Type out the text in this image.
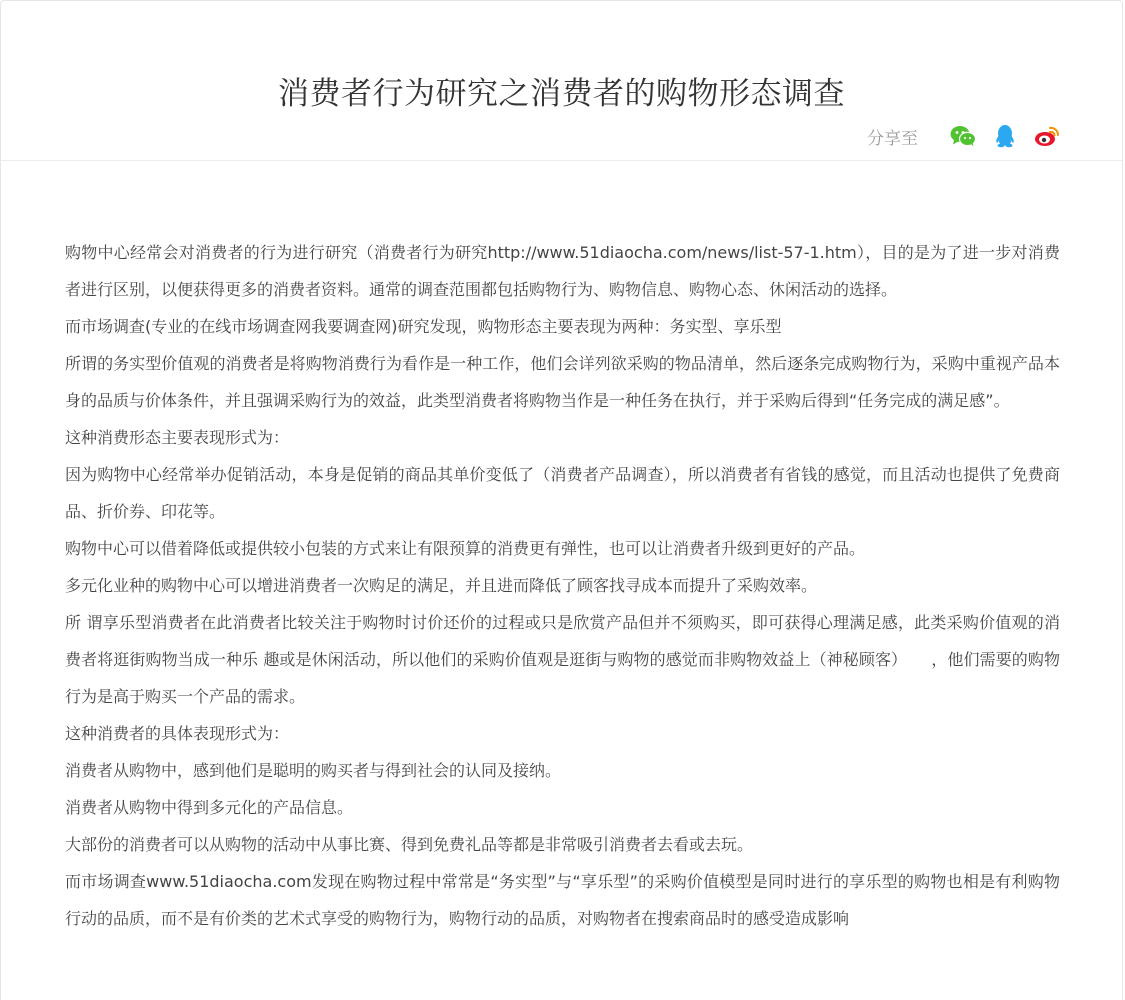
消费者行为研究之消费者的购物形态调查
分享至

购物中心经常会对消费者的行为进行研究（消费者行为研究http://www.51diaocha.com/news/list-57-1.htm），目的是为了进一步对消费者进行区别，以便获得更多的消费者资料。通常的调查范围都包括购物行为、购物信息、购物心态、休闲活动的选择。

而市场调查(专业的在线市场调查网我要调查网)研究发现，购物形态主要表现为两种：务实型、享乐型

所谓的务实型价值观的消费者是将购物消费行为看作是一种工作，他们会详列欲采购的物品清单，然后逐条完成购物行为，采购中重视产品本身的品质与价体条件，并且强调采购行为的效益，此类型消费者将购物当作是一种任务在执行，并于采购后得到“任务完成的满足感”。

这种消费形态主要表现形式为：

因为购物中心经常举办促销活动，本身是促销的商品其单价变低了（消费者产品调查），所以消费者有省钱的感觉，而且活动也提供了免费商品、折价券、印花等。

购物中心可以借着降低或提供较小包装的方式来让有限预算的消费更有弹性，也可以让消费者升级到更好的产品。

多元化业种的购物中心可以增进消费者一次购足的满足，并且进而降低了顾客找寻成本而提升了采购效率。

所 谓享乐型消费者在此消费者比较关注于购物时讨价还价的过程或只是欣赏产品但并不须购买，即可获得心理满足感，此类采购价值观的消费者将逛街购物当成一种乐 趣或是休闲活动，所以他们的采购价值观是逛街与购物的感觉而非购物效益上（神秘顾客）　　，他们需要的购物行为是高于购买一个产品的需求。

这种消费者的具体表现形式为：

消费者从购物中，感到他们是聪明的购买者与得到社会的认同及接纳。

消费者从购物中得到多元化的产品信息。

大部份的消费者可以从购物的活动中从事比赛、得到免费礼品等都是非常吸引消费者去看或去玩。

而市场调查www.51diaocha.com发现在购物过程中常常是“务实型”与“享乐型”的采购价值模型是同时进行的享乐型的购物也相是有利购物行动的品质，而不是有价类的艺术式享受的购物行为，购物行动的品质，对购物者在搜索商品时的感受造成影响
